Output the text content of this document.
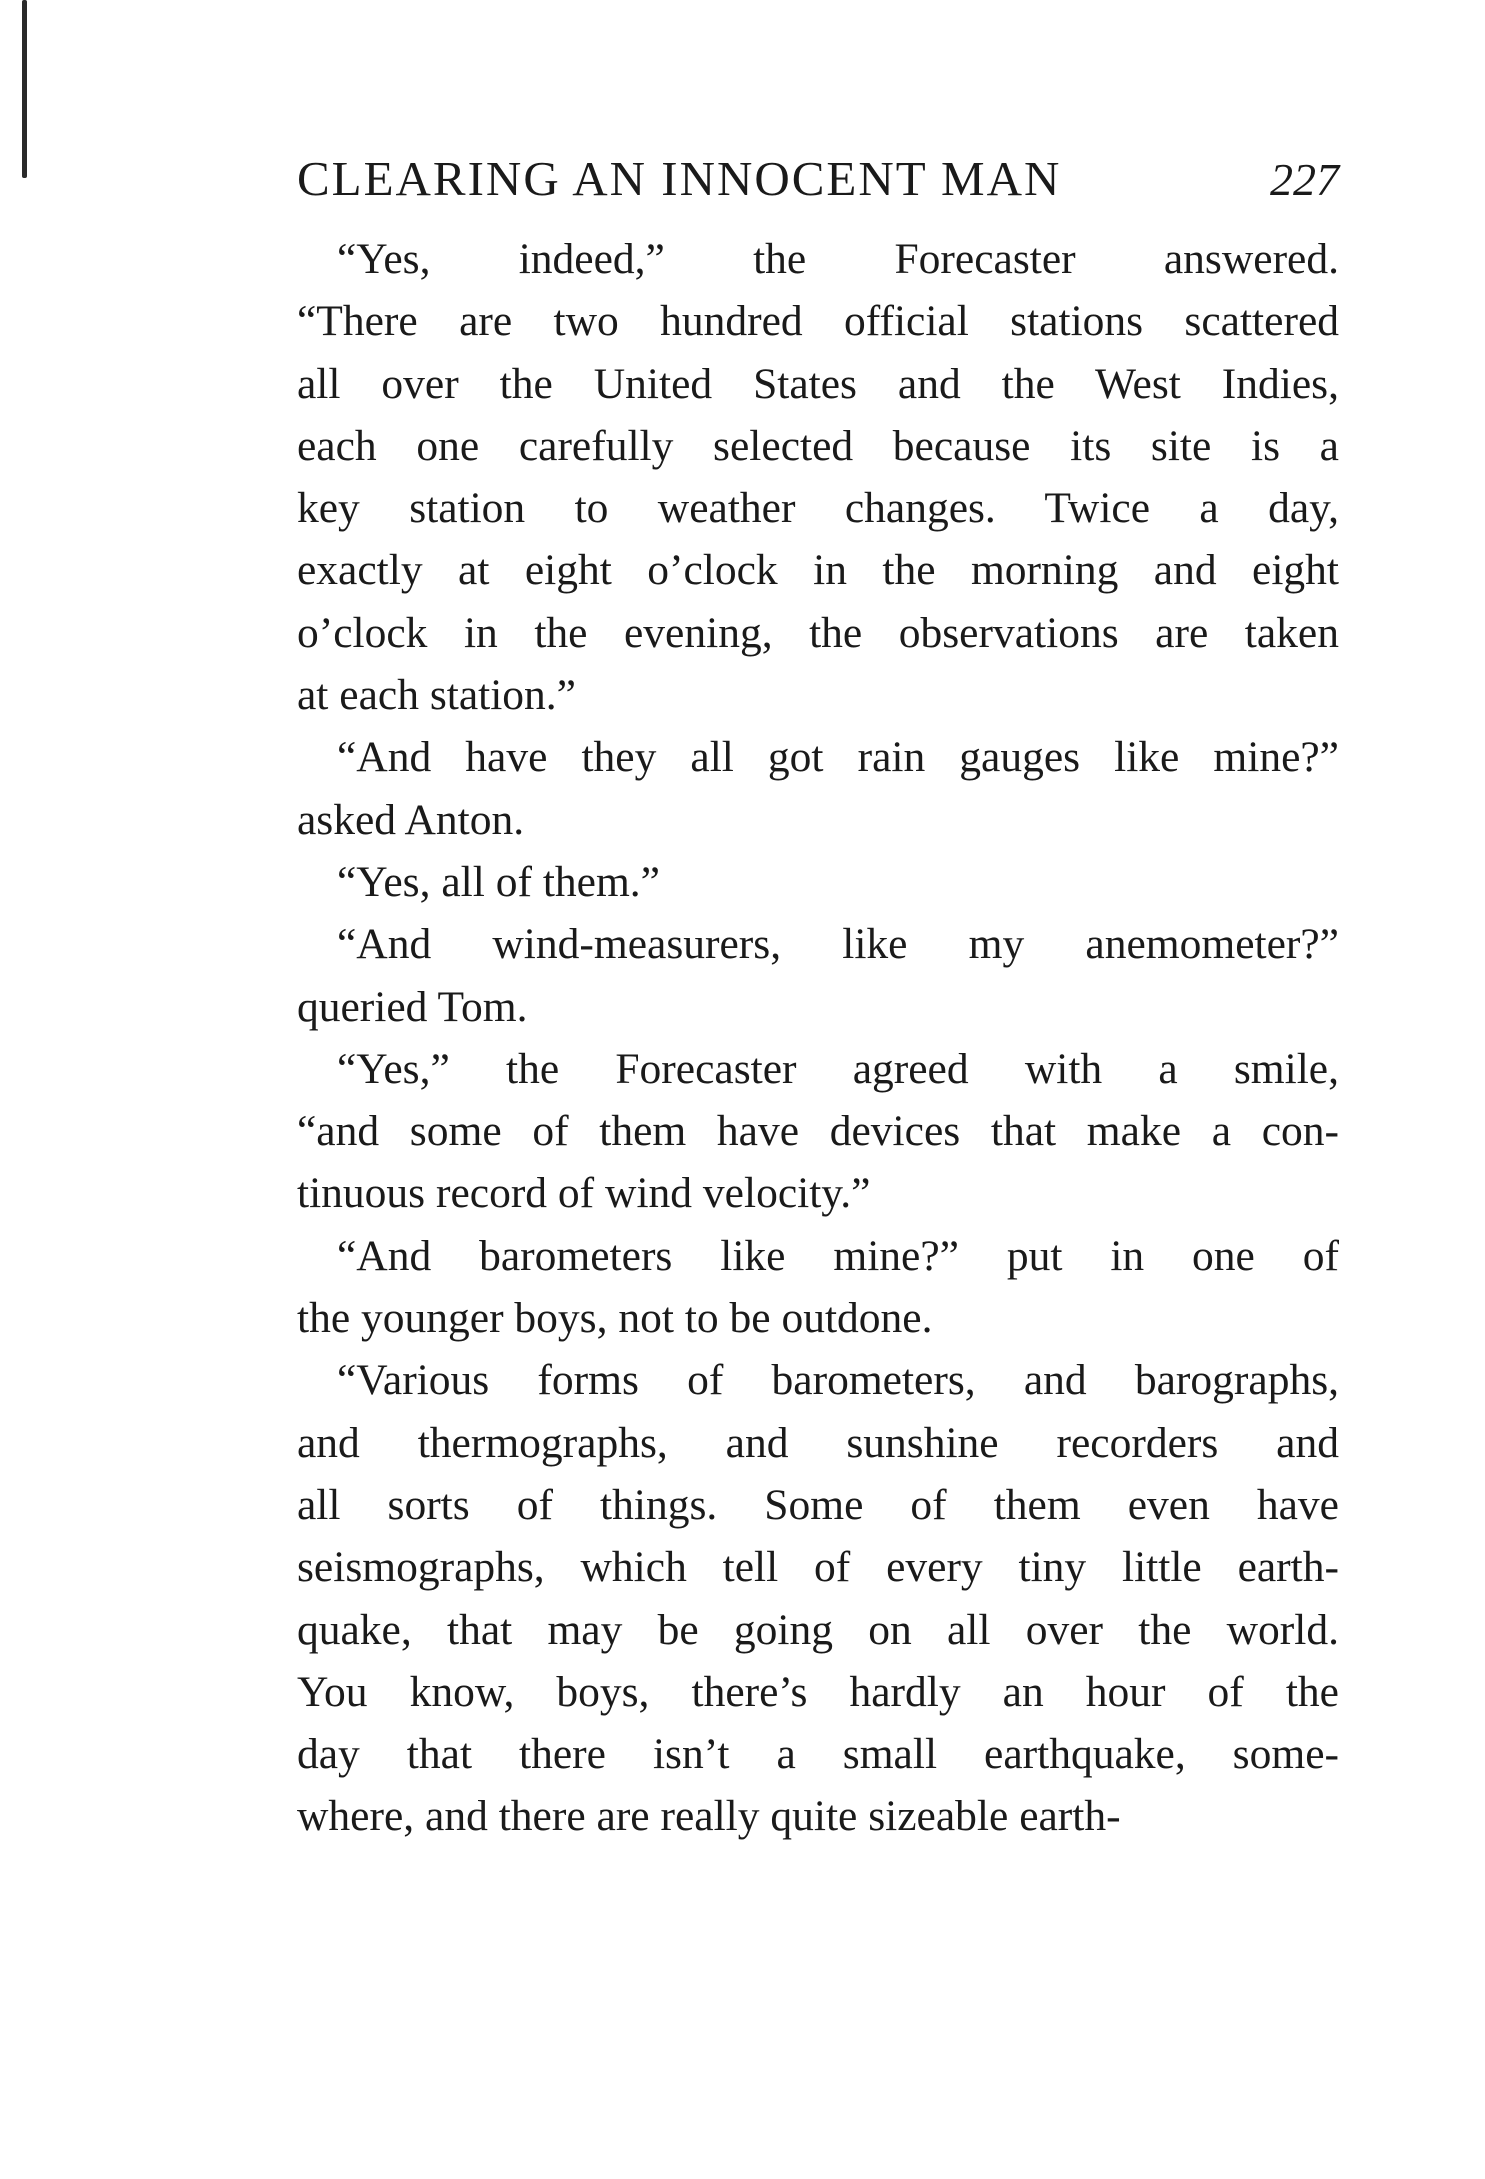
CLEARING AN INNOCENT MAN	227

“Yes, indeed,” the Forecaster answered.
“There are two hundred official stations scattered
all over the United States and the West Indies,
each one carefully selected because its site is a
key station to weather changes. Twice a day,
exactly at eight o’clock in the morning and eight
o’clock in the evening, the observations are taken
at each station.”

“And have they all got rain gauges like mine?”
asked Anton.

“Yes, all of them.”

“And wind-measurers, like my anemometer?”
queried Tom.

“Yes,” the Forecaster agreed with a smile,
“and some of them have devices that make a con-
tinuous record of wind velocity.”

“And barometers like mine?” put in one of
the younger boys, not to be outdone.

“Various forms of barometers, and barographs,
and thermographs, and sunshine recorders and
all sorts of things. Some of them even have
seismographs, which tell of every tiny little earth-
quake, that may be going on all over the world.
You know, boys, there’s hardly an hour of the
day that there isn’t a small earthquake, some-
where, and there are really quite sizeable earth-
